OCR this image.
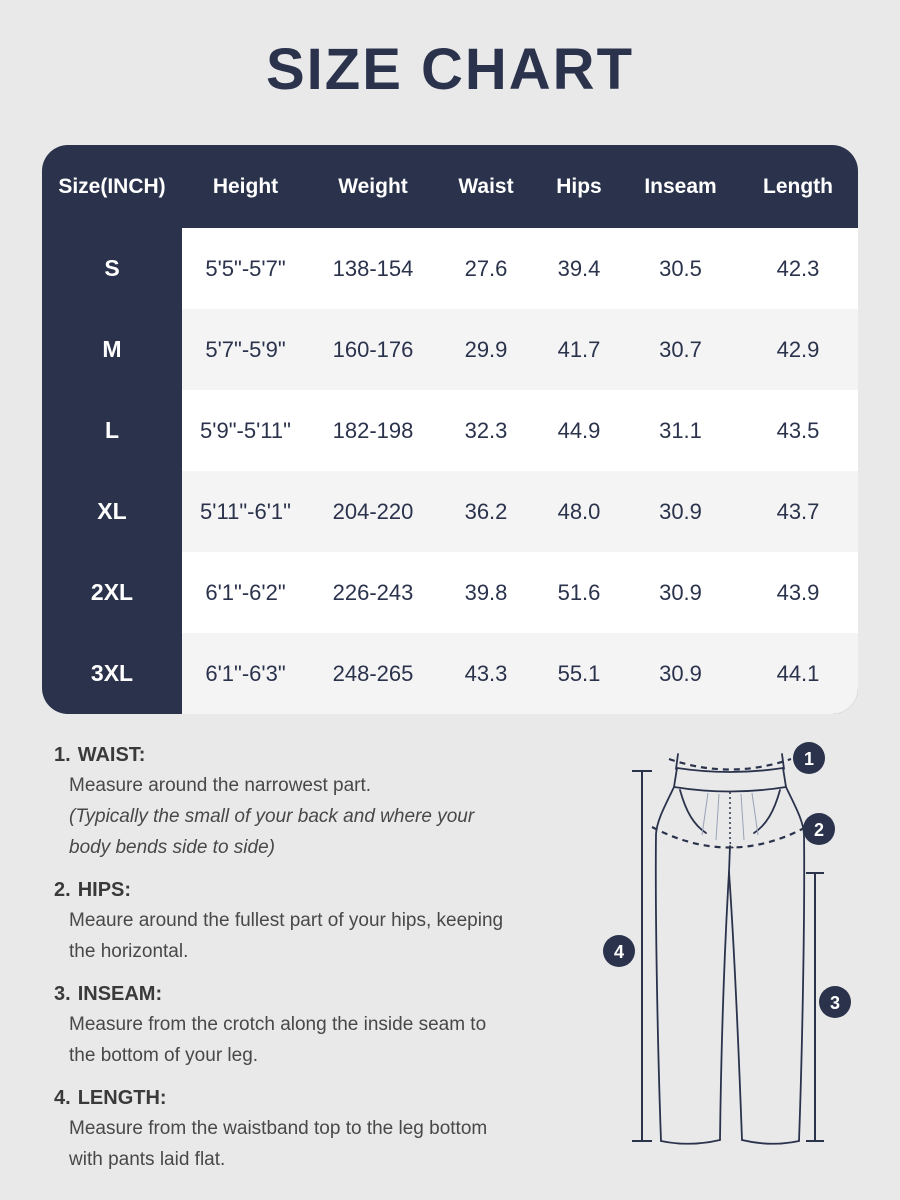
SIZE CHART
Size(INCH)	Height	Weight	Waist	Hips	Inseam	Length
S	5'5"-5'7"	138-154	27.6	39.4	30.5	42.3
M	5'7"-5'9"	160-176	29.9	41.7	30.7	42.9
L	5'9"-5'11"	182-198	32.3	44.9	31.1	43.5
XL	5'11"-6'1"	204-220	36.2	48.0	30.9	43.7
2XL	6'1"-6'2"	226-243	39.8	51.6	30.9	43.9
3XL	6'1"-6'3"	248-265	43.3	55.1	30.9	44.1
1. WAIST:
Measure around the narrowest part.
(Typically the small of your back and where your
body bends side to side)
2. HIPS:
Meaure around the fullest part of your hips, keeping
the horizontal.
3. INSEAM:
Measure from the crotch along the inside seam to
the bottom of your leg.
4. LENGTH:
Measure from the waistband top to the leg bottom
with pants laid flat.
1
2
3
4
